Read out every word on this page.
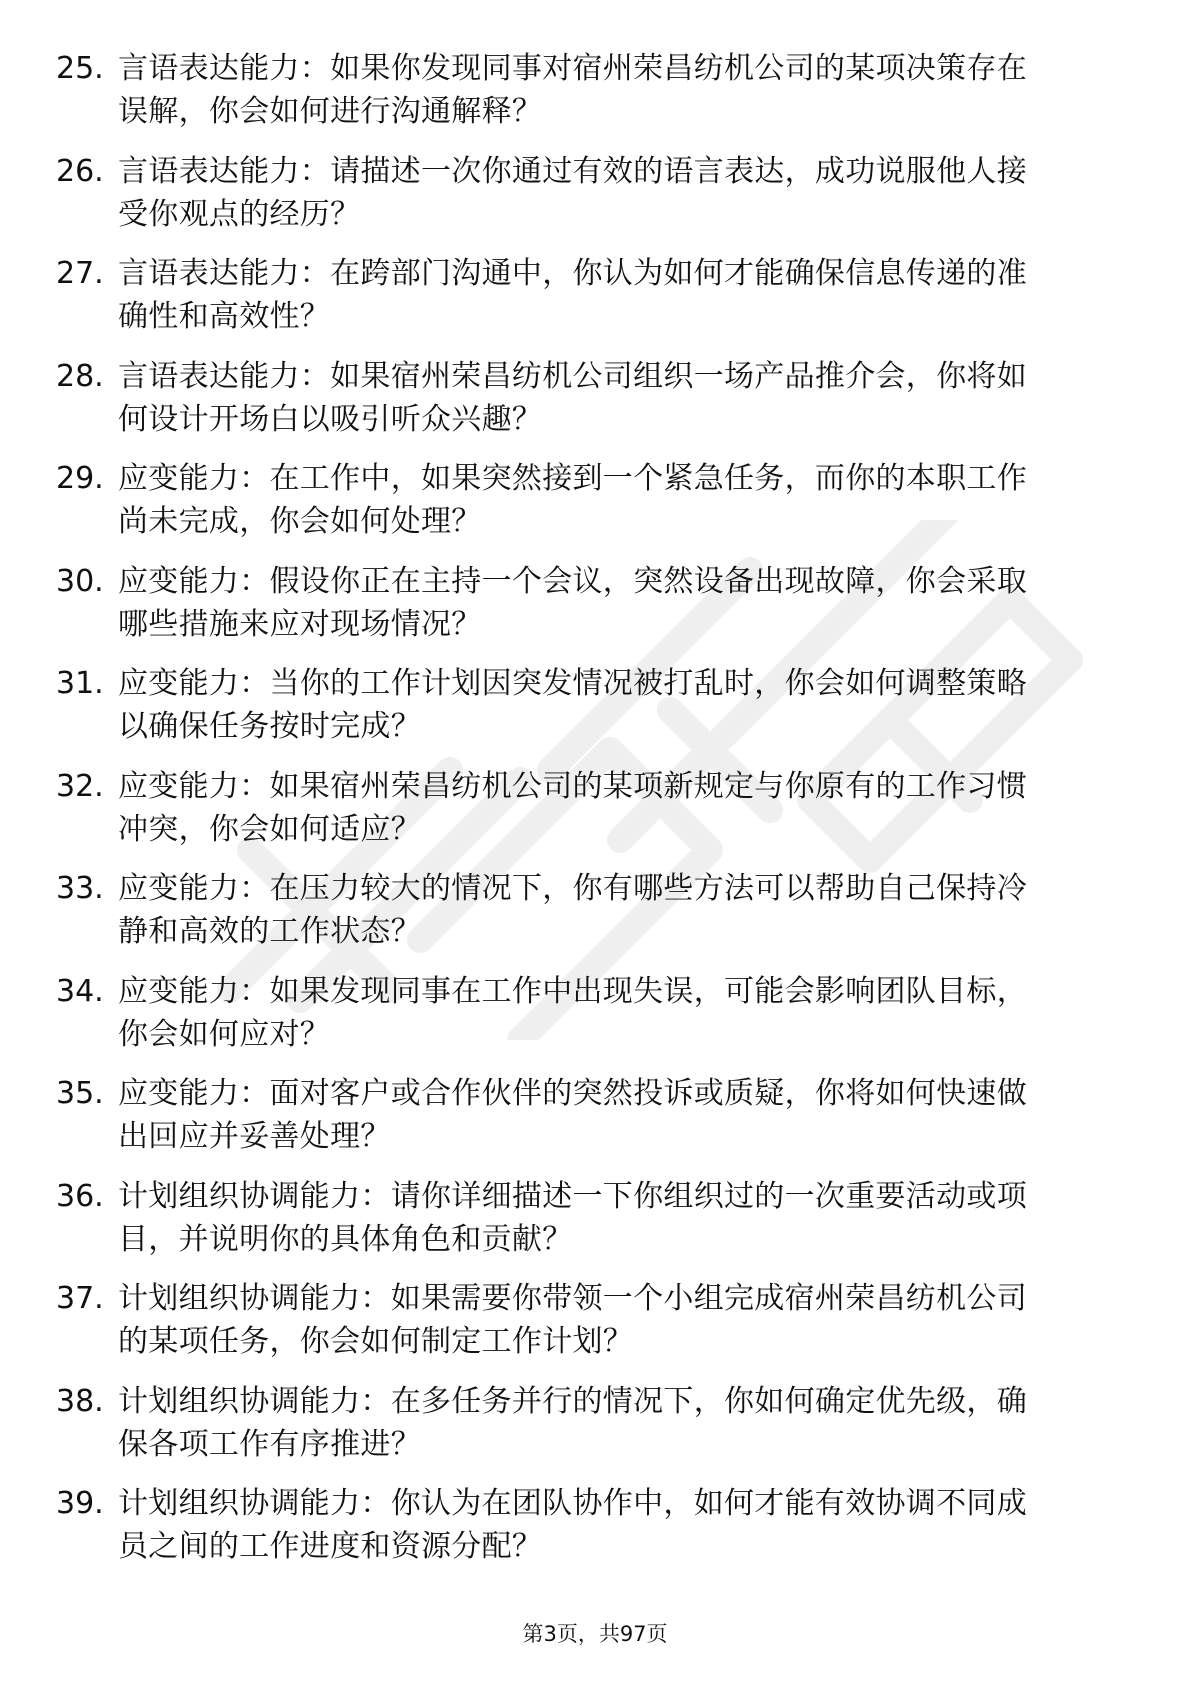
25. 言语表达能力：如果你发现同事对宿州荣昌纺机公司的某项决策存在误解，你会如何进行沟通解释？
26. 言语表达能力：请描述一次你通过有效的语言表达，成功说服他人接受你观点的经历？
27. 言语表达能力：在跨部门沟通中，你认为如何才能确保信息传递的准确性和高效性？
28. 言语表达能力：如果宿州荣昌纺机公司组织一场产品推介会，你将如何设计开场白以吸引听众兴趣？
29. 应变能力：在工作中，如果突然接到一个紧急任务，而你的本职工作尚未完成，你会如何处理？
30. 应变能力：假设你正在主持一个会议，突然设备出现故障，你会采取哪些措施来应对现场情况？
31. 应变能力：当你的工作计划因突发情况被打乱时，你会如何调整策略以确保任务按时完成？
32. 应变能力：如果宿州荣昌纺机公司的某项新规定与你原有的工作习惯冲突，你会如何适应？
33. 应变能力：在压力较大的情况下，你有哪些方法可以帮助自己保持冷静和高效的工作状态？
34. 应变能力：如果发现同事在工作中出现失误，可能会影响团队目标，你会如何应对？
35. 应变能力：面对客户或合作伙伴的突然投诉或质疑，你将如何快速做出回应并妥善处理？
36. 计划组织协调能力：请你详细描述一下你组织过的一次重要活动或项目，并说明你的具体角色和贡献？
37. 计划组织协调能力：如果需要你带领一个小组完成宿州荣昌纺机公司的某项任务，你会如何制定工作计划？
38. 计划组织协调能力：在多任务并行的情况下，你如何确定优先级，确保各项工作有序推进？
39. 计划组织协调能力：你认为在团队协作中，如何才能有效协调不同成员之间的工作进度和资源分配？
第3页，共97页
